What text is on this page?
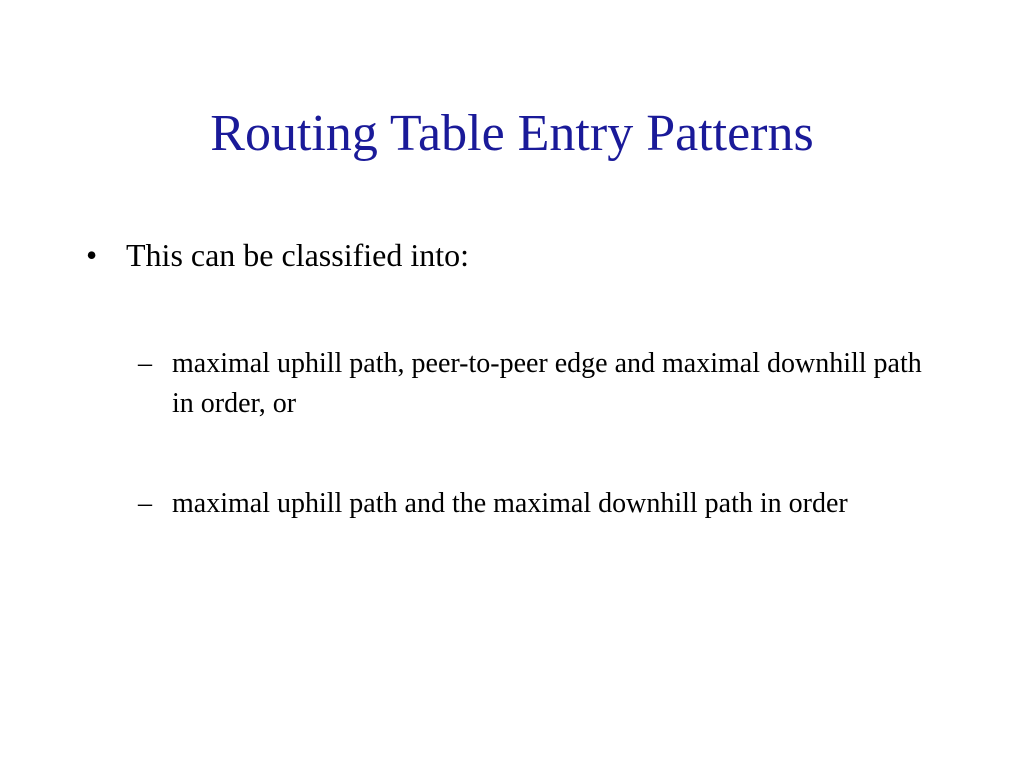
Routing Table Entry Patterns
• This can be classified into:
– maximal uphill path, peer-to-peer edge and maximal downhill path in order, or
– maximal uphill path and the maximal downhill path in order
